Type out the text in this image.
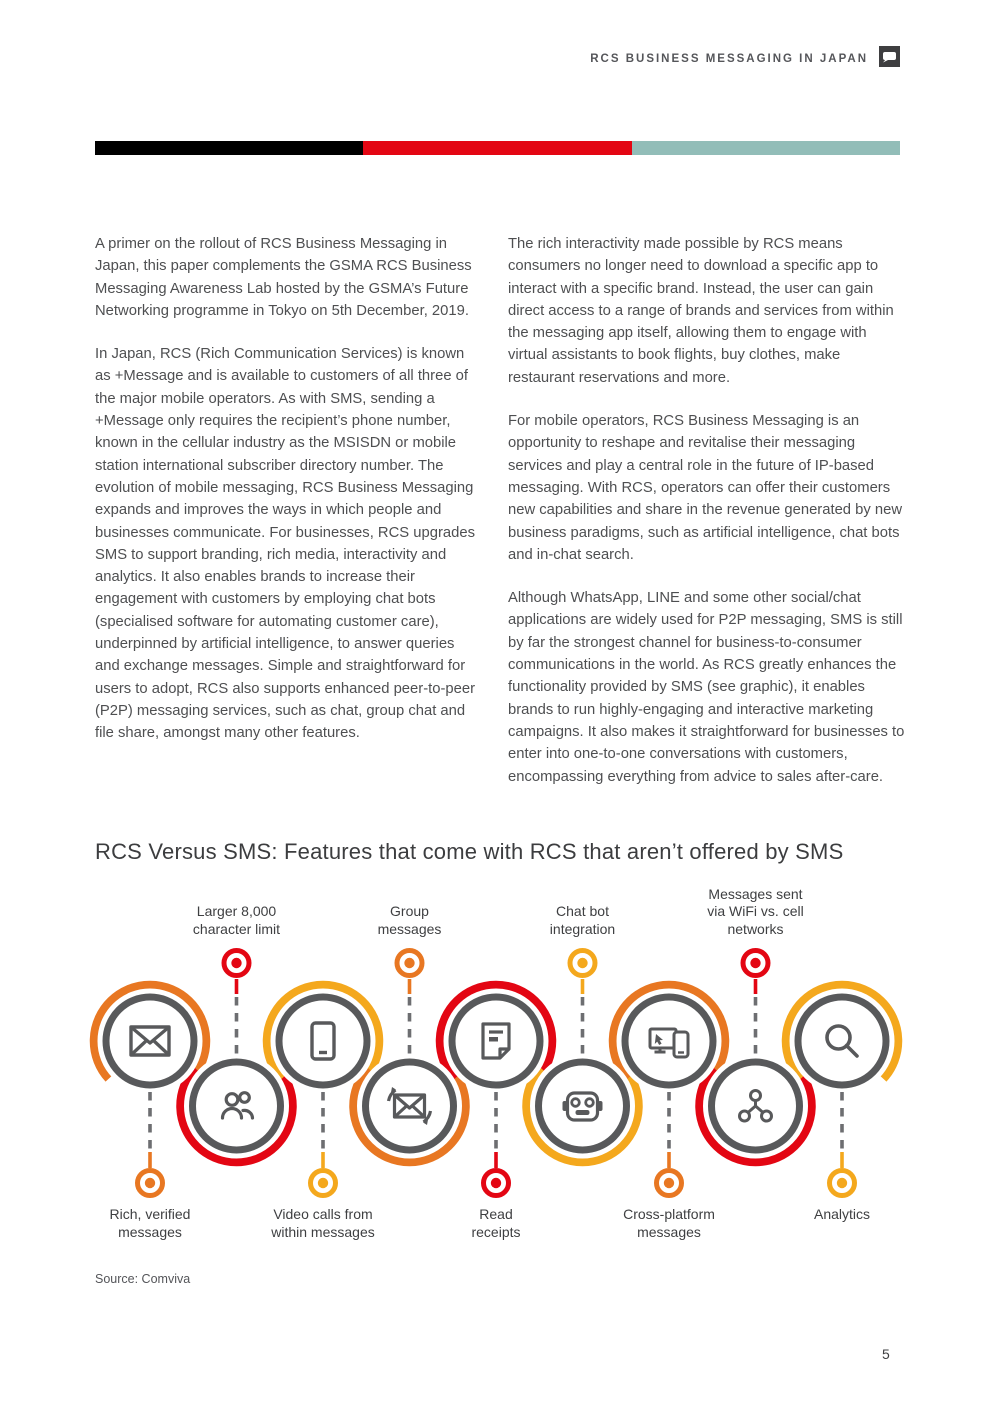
RCS BUSINESS MESSAGING IN JAPAN

A primer on the rollout of RCS Business Messaging in Japan, this paper complements the GSMA RCS Business Messaging Awareness Lab hosted by the GSMA’s Future Networking programme in Tokyo on 5th December, 2019.

In Japan, RCS (Rich Communication Services) is known as +Message and is available to customers of all three of the major mobile operators. As with SMS, sending a +Message only requires the recipient’s phone number, known in the cellular industry as the MSISDN or mobile station international subscriber directory number. The evolution of mobile messaging, RCS Business Messaging expands and improves the ways in which people and businesses communicate. For businesses, RCS upgrades SMS to support branding, rich media, interactivity and analytics. It also enables brands to increase their engagement with customers by employing chat bots (specialised software for automating customer care), underpinned by artificial intelligence, to answer queries and exchange messages. Simple and straightforward for users to adopt, RCS also supports enhanced peer-to-peer (P2P) messaging services, such as chat, group chat and file share, amongst many other features.

The rich interactivity made possible by RCS means consumers no longer need to download a specific app to interact with a specific brand. Instead, the user can gain direct access to a range of brands and services from within the messaging app itself, allowing them to engage with virtual assistants to book flights, buy clothes, make restaurant reservations and more.

For mobile operators, RCS Business Messaging is an opportunity to reshape and revitalise their messaging services and play a central role in the future of IP-based messaging. With RCS, operators can offer their customers new capabilities and share in the revenue generated by new business paradigms, such as artificial intelligence, chat bots and in-chat search.

Although WhatsApp, LINE and some other social/chat applications are widely used for P2P messaging, SMS is still by far the strongest channel for business-to-consumer communications in the world. As RCS greatly enhances the functionality provided by SMS (see graphic), it enables brands to run highly-engaging and interactive marketing campaigns. It also makes it straightforward for businesses to enter into one-to-one conversations with customers, encompassing everything from advice to sales after-care.

RCS Versus SMS: Features that come with RCS that aren’t offered by SMS
Rich, verified
messages
Larger 8,000
character limit
Video calls from
within messages
Group
messages
Read
receipts
Chat bot
integration
Cross-platform
messages
Messages sent
via WiFi vs. cell
networks
Analytics
Source: Comviva
5
